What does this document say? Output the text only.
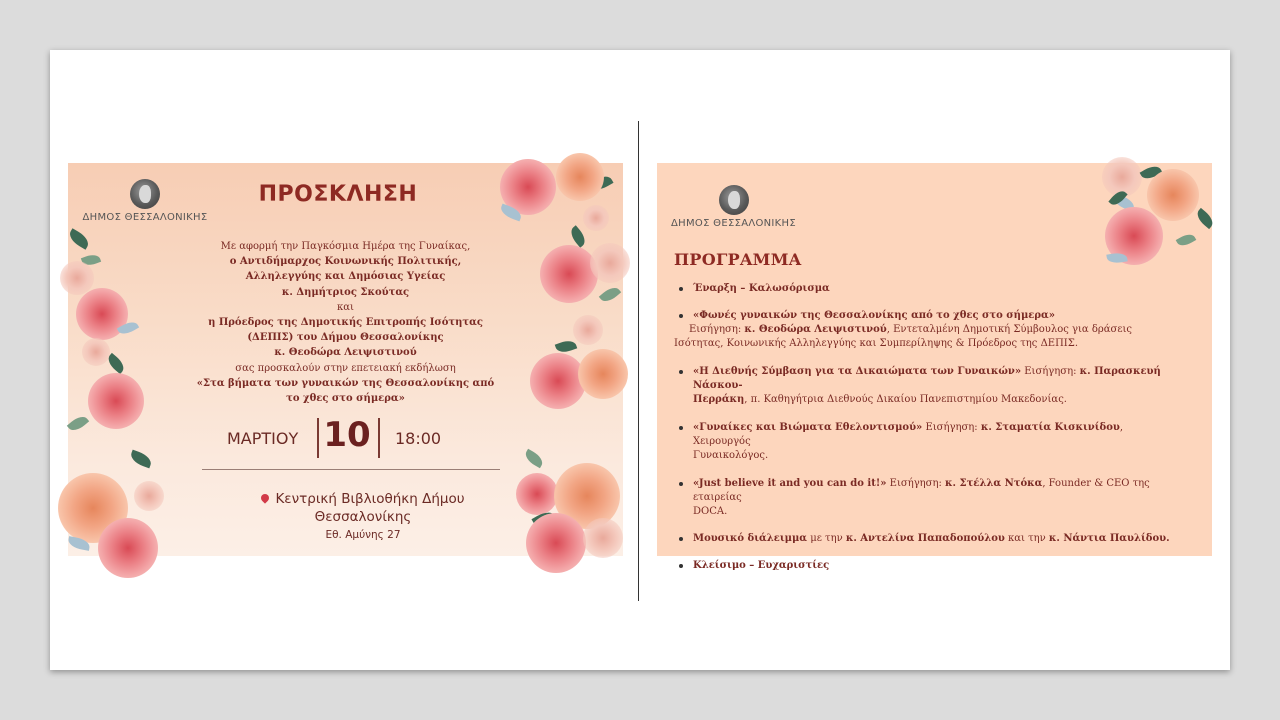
ΔΗΜΟΣ ΘΕΣΣΑΛΟΝΙΚΗΣ
ΠΡΟΣΚΛΗΣΗ
Με αφορμή την Παγκόσμια Ημέρα της Γυναίκας,
ο Αντιδήμαρχος Κοινωνικής Πολιτικής,
Αλληλεγγύης και Δημόσιας Υγείας
κ. Δημήτριος Σκούτας
και
η Πρόεδρος της Δημοτικής Επιτροπής Ισότητας
(ΔΕΠΙΣ) του Δήμου Θεσσαλονίκης
κ. Θεοδώρα Λειψιστινού
σας προσκαλούν στην επετειακή εκδήλωση
«Στα βήματα των γυναικών της Θεσσαλονίκης από
το χθες στο σήμερα»
ΜΑΡΤΙΟΥ 10 18:00
Κεντρική Βιβλιοθήκη Δήμου
Θεσσαλονίκης
Εθ. Αμύνης 27
ΔΗΜΟΣ ΘΕΣΣΑΛΟΝΙΚΗΣ
ΠΡΟΓΡΑΜΜΑ
Έναρξη – Καλωσόρισμα
«Φωνές γυναικών της Θεσσαλονίκης από το χθες στο σήμερα»
Εισήγηση: κ. Θεοδώρα Λειψιστινού, Εντεταλμένη Δημοτική Σύμβουλος για δράσεις
Ισότητας, Κοινωνικής Αλληλεγγύης και Συμπερίληψης & Πρόεδρος της ΔΕΠΙΣ.
«Η Διεθνής Σύμβαση για τα Δικαιώματα των Γυναικών» Εισήγηση: κ. Παρασκευή Νάσκου-
Περράκη, π. Καθηγήτρια Διεθνούς Δικαίου Πανεπιστημίου Μακεδονίας.
«Γυναίκες και Βιώματα Εθελοντισμού» Εισήγηση: κ. Σταματία Κισκινίδου, Χειρουργός
Γυναικολόγος.
«Just believe it and you can do it!» Εισήγηση: κ. Στέλλα Ντόκα, Founder & CEO της εταιρείας
DOCA.
Μουσικό διάλειμμα με την κ. Αντελίνα Παπαδοπούλου και την κ. Νάντια Παυλίδου.
Κλείσιμο – Ευχαριστίες
